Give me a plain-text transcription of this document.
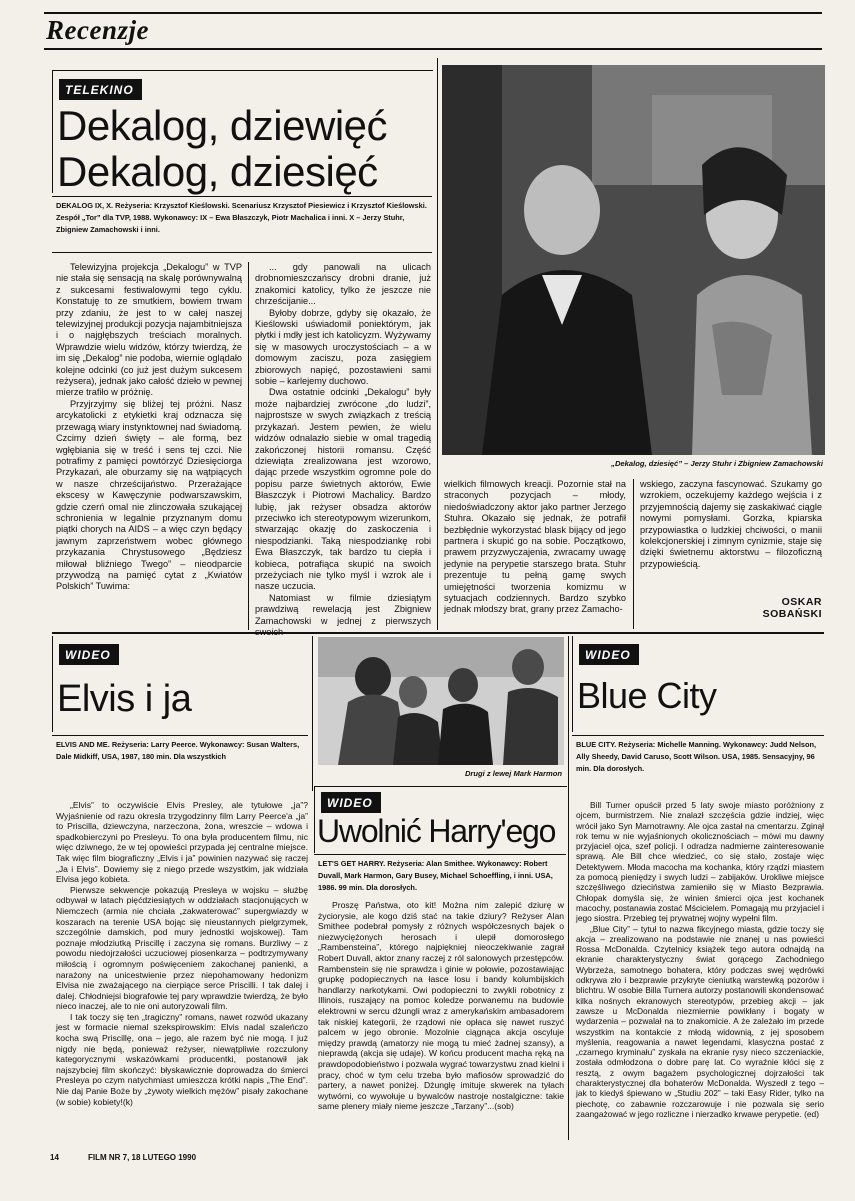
Recenzje
TELEKINO
Dekalog, dziewięć
Dekalog, dziesięć
DEKALOG IX, X. Reżyseria: Krzysztof Kieślowski. Scenariusz Krzysztof Piesiewicz i Krzysztof Kieślowski. Zespół „Tor” dla TVP, 1988. Wykonawcy: IX – Ewa Błaszczyk, Piotr Machalica i inni. X – Jerzy Stuhr, Zbigniew Zamachowski i inni.
„Dekalog, dziesięć” – Jerzy Stuhr i Zbigniew Zamachowski

Telewizyjna projekcja „Dekalogu” w TVP nie stała się sensacją na skalę porównywalną z sukcesami festiwalowymi tego cyklu. Konstatuję to ze smutkiem, bowiem trwam przy zdaniu, że jest to w całej naszej telewizyjnej produkcji pozycja najambitniejsza i o najgłębszych treściach moralnych. Wprawdzie wielu widzów, którzy twierdzą, że im się „Dekalog” nie podoba, wiernie oglądało kolejne odcinki (co już jest dużym sukcesem reżysera), jednak jako całość dzieło w pewnej mierze trafiło w próżnię.

Przyjrzyjmy się bliżej tej próżni. Nasz arcykatolicki z etykietki kraj odznacza się przewagą wiary instynktownej nad świadomą. Czcimy dzień święty – ale formą, bez wgłębiania się w treść i sens tej czci. Nie potrafimy z pamięci powtórzyć Dziesięciorga Przykazań, ale oburzamy się na wątpiących w nasze chrześcijaństwo. Przerażające ekscesy w Kawęczynie podwarszawskim, gdzie czerń omal nie zlinczowała szukającej schronienia w legalnie przyznanym domu piątki chorych na AIDS – a więc czyn będący jawnym zaprzeństwem wobec głównego przykazania Chrystusowego „Będziesz miłował bliźniego Twego” – nieodparcie przywodzą na pamięć cytat z „Kwiatów Polskich” Tuwima:

... gdy panowali na ulicach drobnomieszczańscy drobni dranie, już znakomici katolicy, tylko że jeszcze nie chrześcijanie...

Byłoby dobrze, gdyby się okazało, że Kieślowski uświadomił poniektórym, jak płytki i mdły jest ich katolicyzm. Wyżywamy się w masowych uroczystościach – a w domowym zaciszu, poza zasięgiem zbiorowych napięć, pozostawieni sami sobie – karlejemy duchowo.

Dwa ostatnie odcinki „Dekalogu” były może najbardziej zwrócone „do ludzi”, najprostsze w swych związkach z treścią przykazań. Jestem pewien, że wielu widzów odnalazło siebie w omal tragedią zakończonej historii romansu. Część dziewiąta zrealizowana jest wzorowo, dając przede wszystkim ogromne pole do popisu parze świetnych aktorów, Ewie Błaszczyk i Piotrowi Machalicy. Bardzo lubię, jak reżyser obsadza aktorów przeciwko ich stereotypowym wizerunkom, stwarzając okazję do zaskoczenia i niespodzianki. Taką niespodziankę robi Ewa Błaszczyk, tak bardzo tu ciepła i kobieca, potrafiąca skupić na swoich przeżyciach nie tylko myśl i wzrok ale i nasze uczucia.

Natomiast w filmie dziesiątym prawdziwą rewelacją jest Zbigniew Zamachowski w jednej z pierwszych swoich

wielkich filmowych kreacji. Pozornie stał na straconych pozycjach – młody, niedoświadczony aktor jako partner Jerzego Stuhra. Okazało się jednak, że potrafił bezbłędnie wykorzystać blask bijący od jego partnera i skupić go na sobie. Początkowo, prawem przyzwyczajenia, zwracamy uwagę jedynie na perypetie starszego brata. Stuhr prezentuje tu pełną gamę swych umiejętności tworzenia komizmu w sytuacjach codziennych. Bardzo szybko jednak młodszy brat, grany przez Zamacho-

wskiego, zaczyna fascynować. Szukamy go wzrokiem, oczekujemy każdego wejścia i z przyjemnością dajemy się zaskakiwać ciągle nowymi pomysłami. Gorzka, kpiarska przypowiastka o ludzkiej chciwości, o manii kolekcjonerskiej i zimnym cynizmie, staje się dzięki świetnemu aktorstwu – filozoficzną przypowieścią.

OSKAR
SOBAŃSKI
WIDEO
Elvis i ja
ELVIS AND ME. Reżyseria: Larry Peerce. Wykonawcy: Susan Walters, Dale Midkiff, USA, 1987, 180 min. Dla wszystkich
Drugi z lewej Mark Harmon
WIDEO
Uwolnić Harry'ego
LET'S GET HARRY. Reżyseria: Alan Smithee. Wykonawcy: Robert Duvall, Mark Harmon, Gary Busey, Michael Schoeffling, i inni. USA, 1986. 99 min. Dla dorosłych.
WIDEO
Blue City
BLUE CITY. Reżyseria: Michelle Manning. Wykonawcy: Judd Nelson, Ally Sheedy, David Caruso, Scott Wilson. USA, 1985. Sensacyjny, 96 min. Dla dorosłych.

„Elvis” to oczywiście Elvis Presley, ale tytułowe „ja”? Wyjaśnienie od razu okresla trzygodzinny film Larry Peerce'a „ja” to Priscilla, dziewczyna, narzeczona, żona, wreszcie – wdowa i spadkobierczyni po Presleyu. To ona była producentem filmu, nic więc dziwnego, że w tej opowieści przypada jej centralne miejsce. Tak więc film biograficzny „Elvis i ja” powinien nazywać się raczej „Ja i Elvis”. Dowiemy się z niego przede wszystkim, jak widziała Elvisa jego kobieta.

Pierwsze sekwencje pokazują Presleya w wojsku – służbę odbywał w latach pięćdziesiątych w oddziałach stacjonujących w Niemczech (armia nie chciała „zakwaterować” supergwiazdy w koszarach na terenie USA bojąc się nieustannych pielgrzymek, szczególnie damskich, pod mury jednostki wojskowej). Tam poznaje młodziutką Priscillę i zaczyna się romans. Burzliwy – z powodu niedojrzałości uczuciowej piosenkarza – podtrzymywany miłością i ogromnym poświęceniem zakochanej panienki, a narażony na unicestwienie przez niepohamowany hedonizm Elvisa nie zważającego na cierpiące serce Priscilli. I tak dalej i dalej. Chłodniejsi biografowie tej pary wprawdzie twierdzą, że było nieco inaczej, ale to nie oni autoryzowali film.

I tak toczy się ten „tragiczny” romans, nawet rozwód ukazany jest w formacie niemal szekspirowskim: Elvis nadal szaleńczo kocha swą Priscillę, ona – jego, ale razem być nie mogą. I już nigdy nie będą, ponieważ reżyser, niewątpliwie rozczulony kategorycznymi wskazówkami producentki, postanowił jak najszybciej film skończyć: błyskawicznie doprowadza do śmierci Presleya po czym natychmiast umieszcza krótki napis „The End”. Nie daj Panie Boże by „żywoty wielkich mężów” pisały zakochane (w sobie) kobiety!(k)

Proszę Państwa, oto kit! Można nim zalepić dziurę w życiorysie, ale kogo dziś stać na takie dziury? Reżyser Alan Smithee podebrał pomysły z różnych współczesnych bajek o niezwyciężonych herosach i ulepił domorosłego „Rambensteina”, którego najpiękniej nieoczekiwanie zagrał Robert Duvall, aktor znany raczej z ról salonowych przestępców. Rambenstein się nie sprawdza i ginie w połowie, pozostawiając grupkę podopiecznych na łasce losu i bandy kolumbijskich handlarzy narkotykami. Owi podopieczni to zwykli robotnicy z Illinois, ruszający na pomoc koledze porwanemu na budowie elektrowni w sercu dżungli wraz z amerykańskim ambasadorem tak niskiej kategorii, że rządowi nie opłaca się nawet ruszyć palcem w jego obronie. Mozolnie ciągnąca akcja oscyluje między prawdą (amatorzy nie mogą tu mieć żadnej szansy), a nieprawdą (akcja się udaje). W końcu producent macha ręką na prawdopodobieństwo i pozwala wygrać towarzystwu znad kielni i pracy, choć w tym celu trzeba było mafiosów sprowadzić do partery, a nawet poniżej. Dżunglę imituje skwerek na tyłach wytwórni, co wywołuje u bywalców nastroje nostalgiczne: takie same plenery miały nieme jeszcze „Tarzany”...(sob)

Bill Turner opuścił przed 5 laty swoje miasto poróżniony z ojcem, burmistrzem. Nie znalazł szczęścia gdzie indziej, więc wrócił jako Syn Marnotrawny. Ale ojca zastał na cmentarzu. Zginął rok temu w nie wyjaśnionych okolicznościach – mówi mu dawny przyjaciel ojca, szef policji. I odradza nadmierne zainteresowanie sprawą. Ale Bill chce wiedzieć, co się stało, zostaje więc Detektywem. Młoda macocha ma kochanka, który rządzi miastem za pomocą pieniędzy i swych ludzi – zabijaków. Urokliwe miejsce szczęśliwego dzieciństwa zamieniło się w Miasto Bezprawia. Chłopak domyśla się, że winien śmierci ojca jest kochanek macochy, postanawia zostać Mścicielem. Pomagają mu przyjaciel i jego siostra. Przebieg tej prywatnej wojny wypełni film.

„Blue City” – tytuł to nazwa fikcyjnego miasta, gdzie toczy się akcja – zrealizowano na podstawie nie znanej u nas powieści Rossa McDonalda. Czytelnicy książek tego autora odnajdą na ekranie charakterystyczny świat gorącego Zachodniego Wybrzeża, samotnego bohatera, który podczas swej wędrówki odkrywa zło i bezprawie przykryte cieniutką warstewką pozorów i blichtru. W osobie Billa Turnera autorzy postanowili skondensować kilka nośnych ekranowych stereotypów, przebieg akcji – jak zawsze u McDonalda niezmiernie powikłany i bogaty w wydarzenia – pozwalał na to znakomicie. A że zależało im przede wszystkim na kontakcie z młodą widownią, z jej sposobem myślenia, reagowania a nawet legendami, klasyczna postać z „czarnego kryminału” zyskała na ekranie rysy nieco szczeniackie, została odmłodzona o dobre parę lat. Co wyraźnie kłóci się z resztą, z owym bagażem psychologicznej dojrzałości tak charakterystycznej dla bohaterów McDonalda. Wyszedł z tego – jak to kiedyś śpiewano w „Studiu 202” – taki Easy Rider, tylko na piechotę, co zabawnie rozczarowuje i nie pozwala się serio zaangażować w jego rozliczne i nierzadko krwawe perypetie. (ed)

14	FILM NR 7, 18 LUTEGO 1990
